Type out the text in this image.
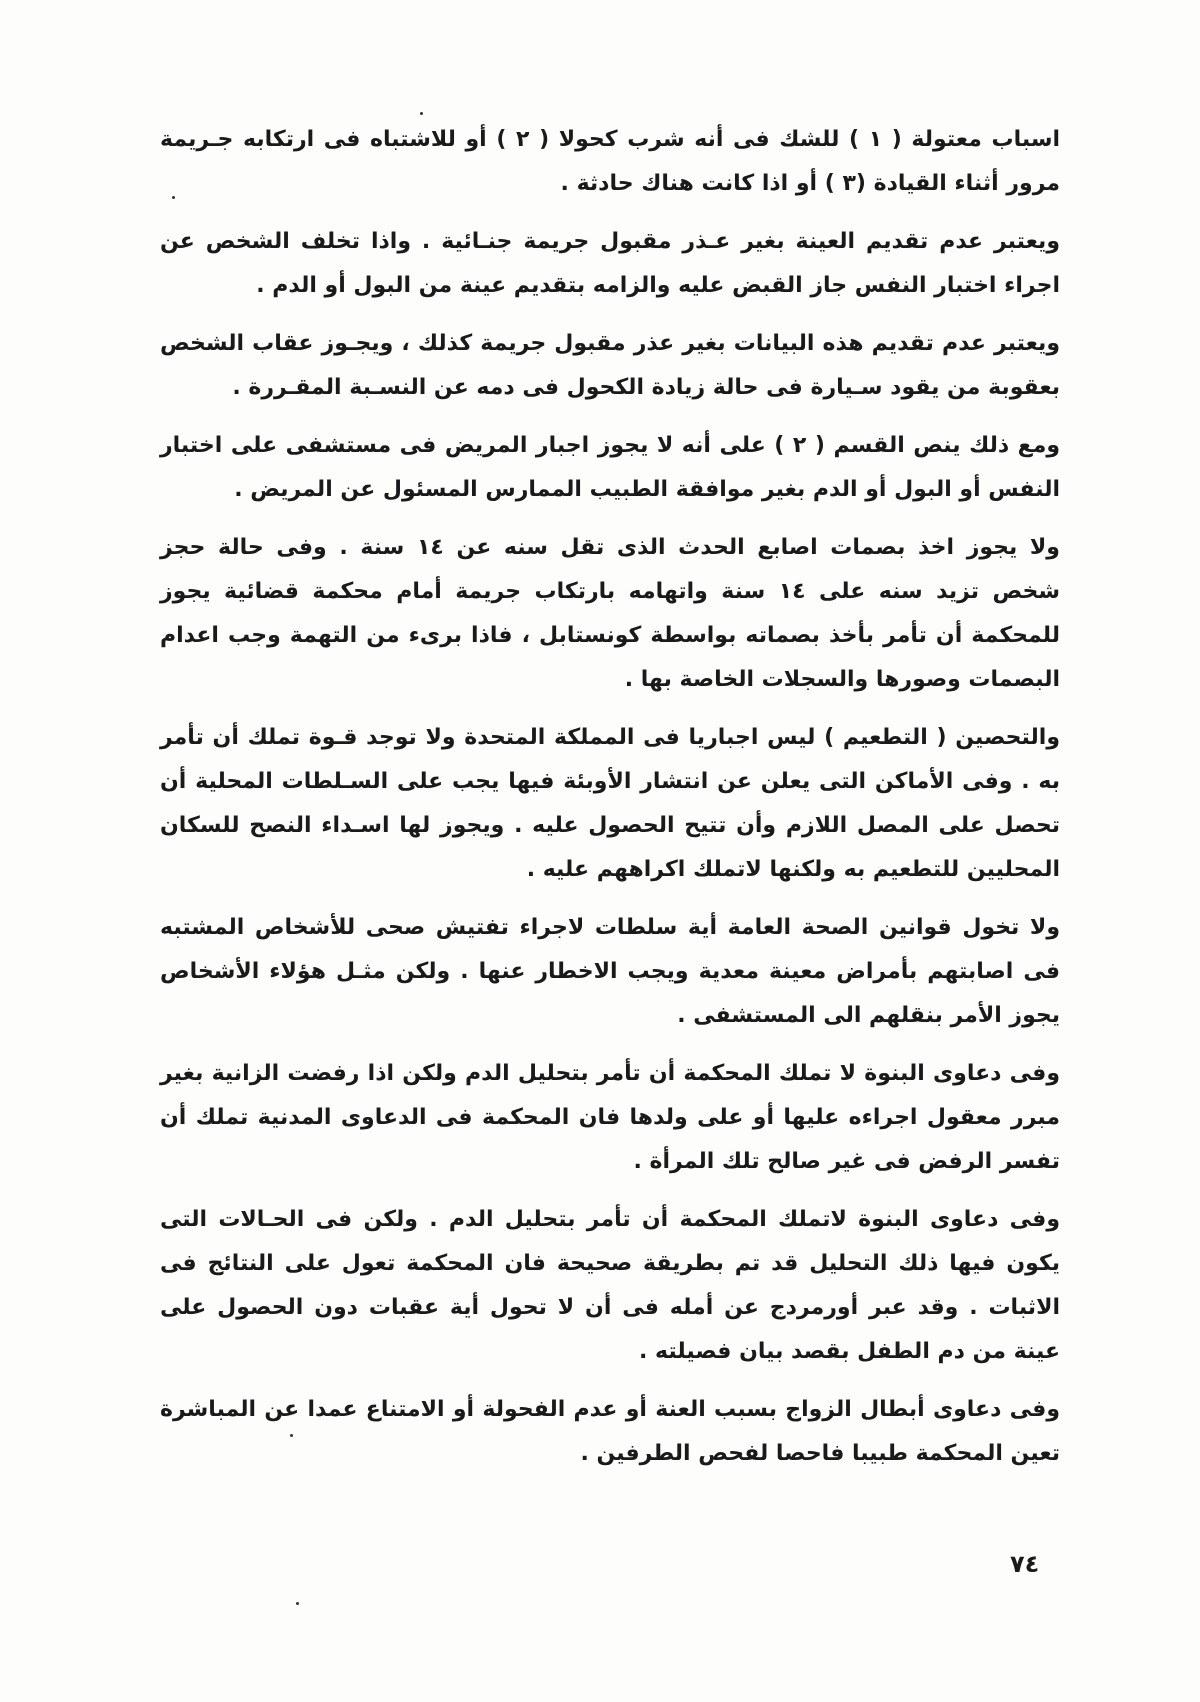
اسباب معتولة ( ١ ) للشك فى أنه شرب كحولا ( ٢ ) أو للاشتباه فى ارتكابه جـريمة مرور أثناء القيادة (٣ ) أو اذا كانت هناك حادثة .

ويعتبر عدم تقديم العينة بغير عـذر مقبول جريمة جنـائية . واذا تخلف الشخص عن اجراء اختبار النفس جاز القبض عليه والزامه بتقديم عينة من البول أو الدم .

ويعتبر عدم تقديم هذه البيانات بغير عذر مقبول جريمة كذلك ، ويجـوز عقاب الشخص بعقوبة من يقود سـيارة فى حالة زيادة الكحول فى دمه عن النسـبة المقـررة .

ومع ذلك ينص القسم ( ٢ ) على أنه لا يجوز اجبار المريض فى مستشفى على اختبار النفس أو البول أو الدم بغير موافقة الطبيب الممارس المسئول عن المريض .

ولا يجوز اخذ بصمات اصابع الحدث الذى تقل سنه عن ١٤ سنة . وفى حالة حجز شخص تزيد سنه على ١٤ سنة واتهامه بارتكاب جريمة أمام محكمة قضائية يجوز للمحكمة أن تأمر بأخذ بصماته بواسطة كونستابل ، فاذا برىء من التهمة وجب اعدام البصمات وصورها والسجلات الخاصة بها .

والتحصين ( التطعيم ) ليس اجباريا فى المملكة المتحدة ولا توجد قـوة تملك أن تأمر به . وفى الأماكن التى يعلن عن انتشار الأوبئة فيها يجب على السـلطات المحلية أن تحصل على المصل اللازم وأن تتيح الحصول عليه . ويجوز لها اسـداء النصح للسكان المحليين للتطعيم به ولكنها لاتملك اكراههم عليه .

ولا تخول قوانين الصحة العامة أية سلطات لاجراء تفتيش صحى للأشخاص المشتبه فى اصابتهم بأمراض معينة معدية ويجب الاخطار عنها . ولكن مثـل هؤلاء الأشخاص يجوز الأمر بنقلهم الى المستشفى .

وفى دعاوى البنوة لا تملك المحكمة أن تأمر بتحليل الدم ولكن اذا رفضت الزانية بغير مبرر معقول اجراءه عليها أو على ولدها فان المحكمة فى الدعاوى المدنية تملك أن تفسر الرفض فى غير صالح تلك المرأة .

وفى دعاوى البنوة لاتملك المحكمة أن تأمر بتحليل الدم . ولكن فى الحـالات التى يكون فيها ذلك التحليل قد تم بطريقة صحيحة فان المحكمة تعول على النتائج فى الاثبات . وقد عبر أورمردج عن أمله فى أن لا تحول أية عقبات دون الحصول على عينة من دم الطفل بقصد بيان فصيلته .

وفى دعاوى أبطال الزواج بسبب العنة أو عدم الفحولة أو الامتناع عمدا عن المباشرة تعين المحكمة طبيبا فاحصا لفحص الطرفين .

٧٤
